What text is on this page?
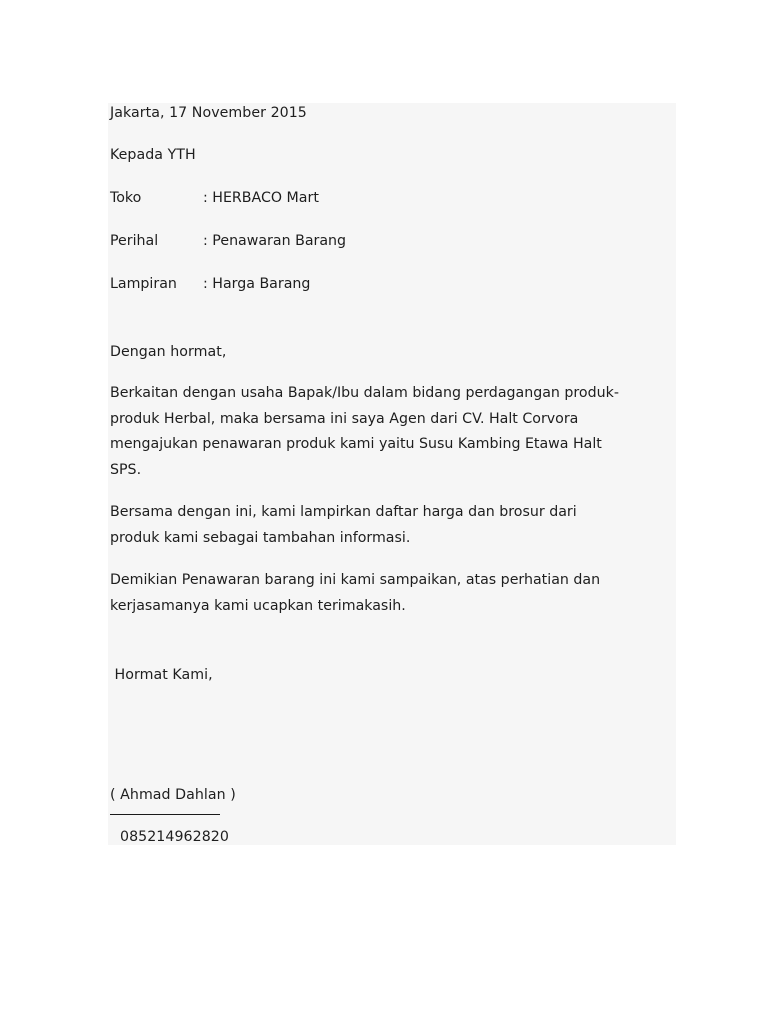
Jakarta, 17 November 2015
Kepada YTH
Toko	: HERBACO Mart
Perihal	: Penawaran Barang
Lampiran : Harga Barang
Dengan hormat,
Berkaitan dengan usaha Bapak/Ibu dalam bidang perdagangan produk-
produk Herbal, maka bersama ini saya Agen dari CV. Halt Corvora
mengajukan penawaran produk kami yaitu Susu Kambing Etawa Halt
SPS.
Bersama dengan ini, kami lampirkan daftar harga dan brosur dari
produk kami sebagai tambahan informasi.
Demikian Penawaran barang ini kami sampaikan, atas perhatian dan
kerjasamanya kami ucapkan terimakasih.
Hormat Kami,
( Ahmad Dahlan )
085214962820
